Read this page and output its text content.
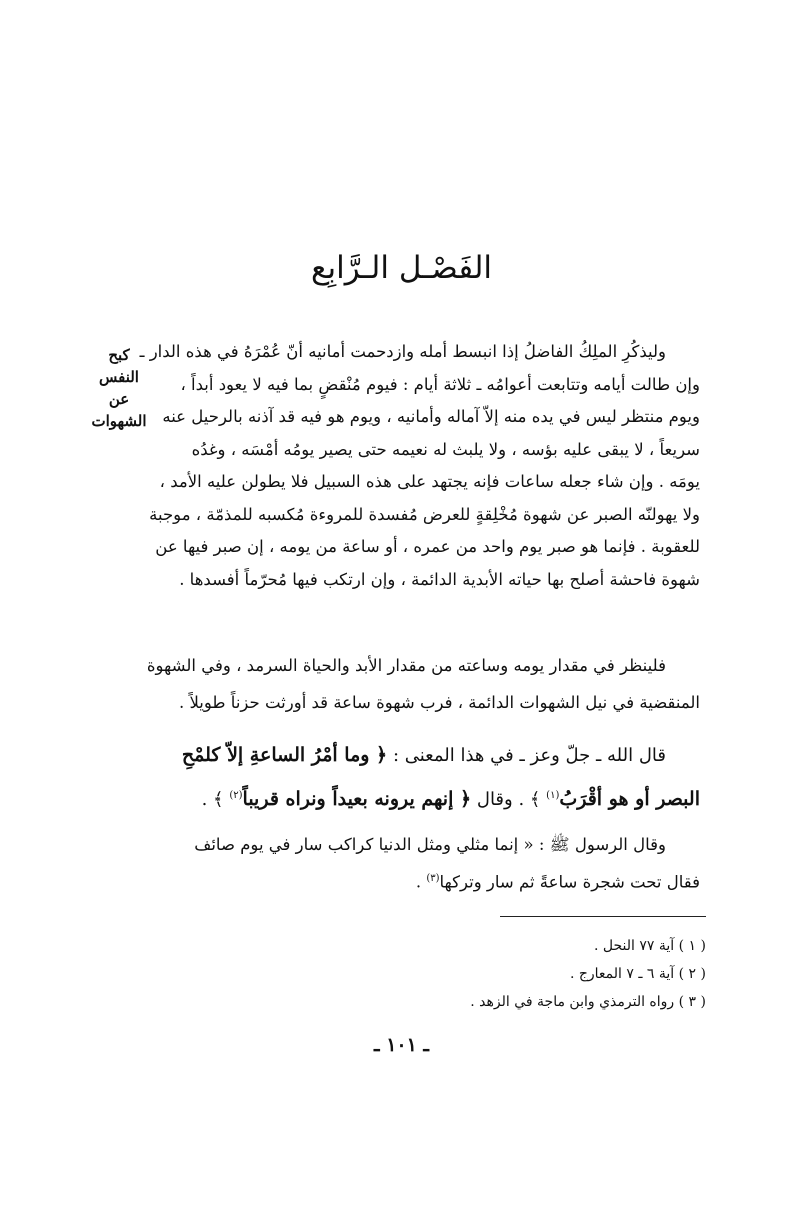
الفَصْـل الـرَّابِع
كبح
النفس
عن
الشهوات
وليذكُرِ الملِكُ الفاضلُ إذا انبسط أمله وازدحمت أمانيه أنّ عُمْرَهُ في هذه الدار ـ
وإن طالت أيامه وتتابعت أعوامُه ـ ثلاثة أيام : فيوم مُنْقضٍ بما فيه لا يعود أبداً ،
ويوم منتظر ليس في يده منه إلاّ آماله وأمانيه ، ويوم هو فيه قد آذنه بالرحيل عنه
سريعاً ، لا يبقى عليه بؤسه ، ولا يلبث له نعيمه حتى يصير يومُه أمْسَه ، وغدُه
يومَه . وإن شاء جعله ساعات فإنه يجتهد على هذه السبيل فلا يطولن عليه الأمد ،
ولا يهولنّه الصبر عن شهوة مُخْلِقةٍ للعرض مُفسدة للمروءة مُكسبه للمذمّة ، موجبة
للعقوبة . فإنما هو صبر يوم واحد من عمره ، أو ساعة من يومه ، إن صبر فيها عن
شهوة فاحشة أصلح بها حياته الأبدية الدائمة ، وإن ارتكب فيها مُحرّماً أفسدها .
فلينظر في مقدار يومه وساعته من مقدار الأبد والحياة السرمد ، وفي الشهوة
المنقضية في نيل الشهوات الدائمة ، فرب شهوة ساعة قد أورثت حزناً طويلاً .
قال الله ـ جلّ وعز ـ في هذا المعنى : ﴿ وما أمْرُ الساعةِ إلاّ كلمْحِ
البصر أو هو أقْرَبُ$^{(١)}$ ﴾ . وقال ﴿ إنهم يرونه بعيداً ونراه قريباً$^{(٢)}$ ﴾ .
وقال الرسول ﷺ : « إنما مثلي ومثل الدنيا كراكب سار في يوم صائف
فقال تحت شجرة ساعةً ثم سار وتركها$^{(٣)}$ .
( ١ ) آية ٧٧ النحل .
( ٢ ) آية ٦ ـ ٧ المعارج .
( ٣ ) رواه الترمذي وابن ماجة في الزهد .
ـ ١٠١ ـ
